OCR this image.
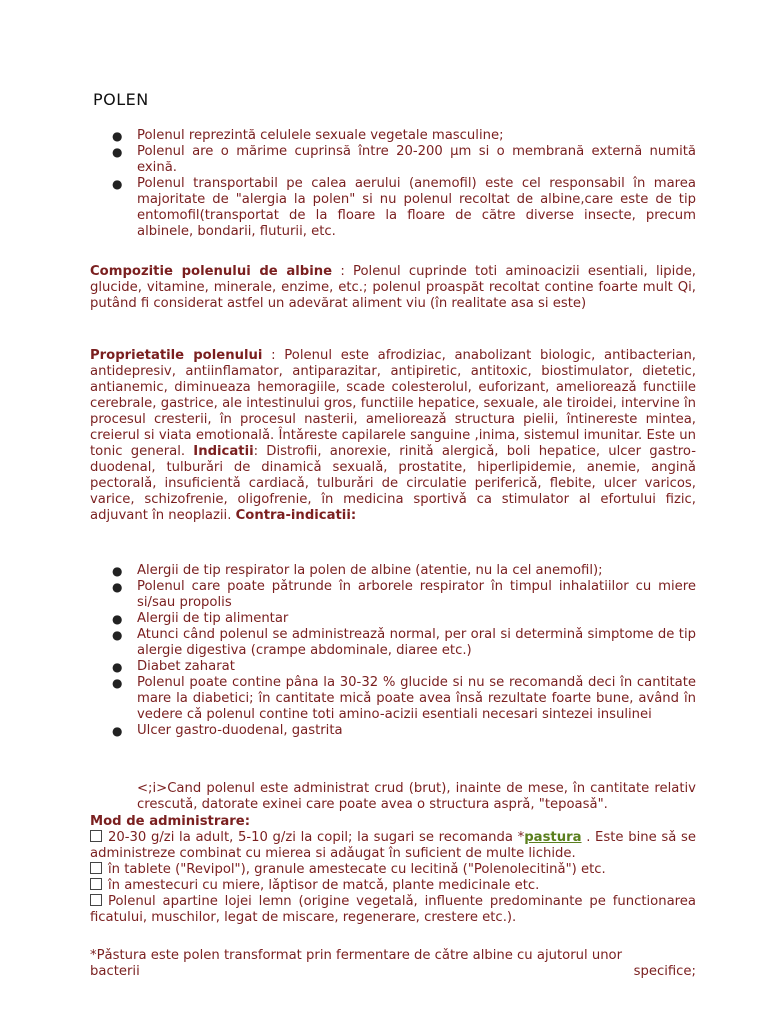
POLEN
● Polenul reprezintă celulele sexuale vegetale masculine;
● Polenul are o mărime cuprinsă între 20-200 μm si o membrană externă numită exină.
● Polenul transportabil pe calea aerului (anemofil) este cel responsabil în marea majoritate de "alergia la polen" si nu polenul recoltat de albine,care este de tip entomofil(transportat de la floare la floare de către diverse insecte, precum albinele, bondarii, fluturii, etc.

Compozitie polenului de albine : Polenul cuprinde toti aminoacizii esentiali, lipide, glucide, vitamine, minerale, enzime, etc.; polenul proaspăt recoltat contine foarte mult Qi, putând fi considerat astfel un adevărat aliment viu (în realitate asa si este)

Proprietatile polenului : Polenul este afrodiziac, anabolizant biologic, antibacterian, antidepresiv, antiinflamator, antiparazitar, antipiretic, antitoxic, biostimulator, dietetic, antianemic, diminueaza hemoragiile, scade colesterolul, euforizant, amelioreazǎ functiile cerebrale, gastrice, ale intestinului gros, functiile hepatice, sexuale, ale tiroidei, intervine în procesul cresterii, în procesul nasterii, amelioreazǎ structura pielii, întinereste mintea, creierul si viata emotionalǎ. Întǎreste capilarele sanguine ,inima, sistemul imunitar. Este un tonic general. Indicatii: Distrofii, anorexie, rinitǎ alergicǎ, boli hepatice, ulcer gastro-duodenal, tulburǎri de dinamicǎ sexualǎ, prostatite, hiperlipidemie, anemie, anginǎ pectoralǎ, insuficientǎ cardiacǎ, tulburǎri de circulatie perifericǎ, flebite, ulcer varicos, varice, schizofrenie, oligofrenie, în medicina sportivǎ ca stimulator al efortului fizic, adjuvant în neoplazii. Contra-indicatii:

● Alergii de tip respirator la polen de albine (atentie, nu la cel anemofil);
● Polenul care poate pǎtrunde în arborele respirator în timpul inhalatiilor cu miere si/sau propolis
● Alergii de tip alimentar
● Atunci când polenul se administreazǎ normal, per oral si determinǎ simptome de tip alergie digestiva (crampe abdominale, diaree etc.)
● Diabet zaharat
● Polenul poate contine pâna la 30-32 % glucide si nu se recomandǎ deci în cantitate mare la diabetici; în cantitate micǎ poate avea însǎ rezultate foarte bune, având în vedere cǎ polenul contine toti amino-acizii esentiali necesari sintezei insulinei
● Ulcer gastro-duodenal, gastrita

<;i>Cand polenul este administrat crud (brut), inainte de mese, în cantitate relativ crescutǎ, datorate exinei care poate avea o structura asprǎ, "tepoasǎ".

Mod de administrare:

20-30 g/zi la adult, 5-10 g/zi la copil; la sugari se recomanda *pastura . Este bine sǎ se administreze combinat cu mierea si adǎugat în suficient de multe lichide.

în tablete ("Revipol"), granule amestecate cu lecitinǎ ("Polenolecitinǎ") etc.

în amestecuri cu miere, lǎptisor de matcǎ, plante medicinale etc.

Polenul apartine lojei lemn (origine vegetalǎ, influente predominante pe functionarea ficatului, muschilor, legat de miscare, regenerare, crestere etc.).

*Pǎstura este polen transformat prin fermentare de cǎtre albine cu ajutorul unor
bacterii	specifice;
